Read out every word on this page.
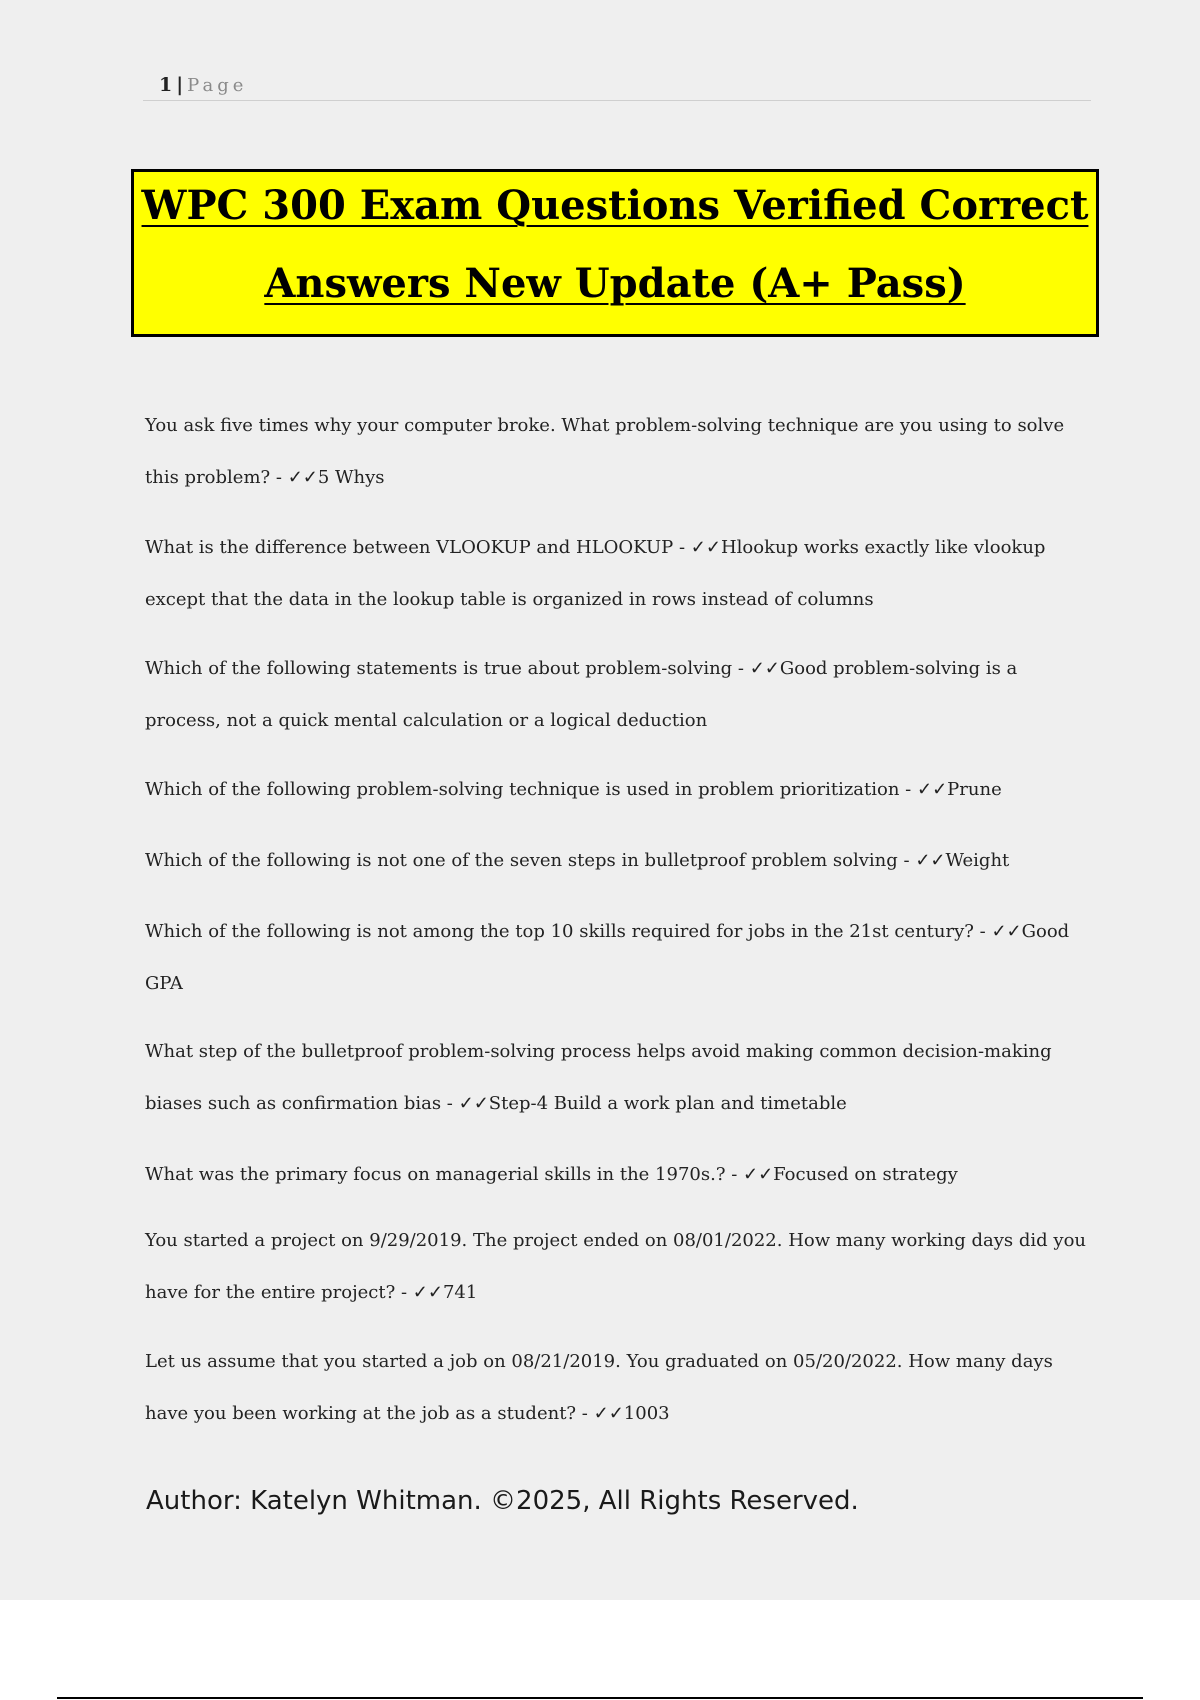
1 | Page
WPC 300 Exam Questions Verified Correct
Answers New Update (A+ Pass)
You ask five times why your computer broke. What problem-solving technique are you using to solve this problem? - ✓✓5 Whys
What is the difference between VLOOKUP and HLOOKUP - ✓✓Hlookup works exactly like vlookup except that the data in the lookup table is organized in rows instead of columns
Which of the following statements is true about problem-solving - ✓✓Good problem-solving is a process, not a quick mental calculation or a logical deduction
Which of the following problem-solving technique is used in problem prioritization - ✓✓Prune
Which of the following is not one of the seven steps in bulletproof problem solving - ✓✓Weight
Which of the following is not among the top 10 skills required for jobs in the 21st century? - ✓✓Good GPA
What step of the bulletproof problem-solving process helps avoid making common decision-making biases such as confirmation bias - ✓✓Step-4 Build a work plan and timetable
What was the primary focus on managerial skills in the 1970s.? - ✓✓Focused on strategy
You started a project on 9/29/2019. The project ended on 08/01/2022. How many working days did you have for the entire project? - ✓✓741
Let us assume that you started a job on 08/21/2019. You graduated on 05/20/2022. How many days have you been working at the job as a student? - ✓✓1003
Author: Katelyn Whitman. ©2025, All Rights Reserved.
